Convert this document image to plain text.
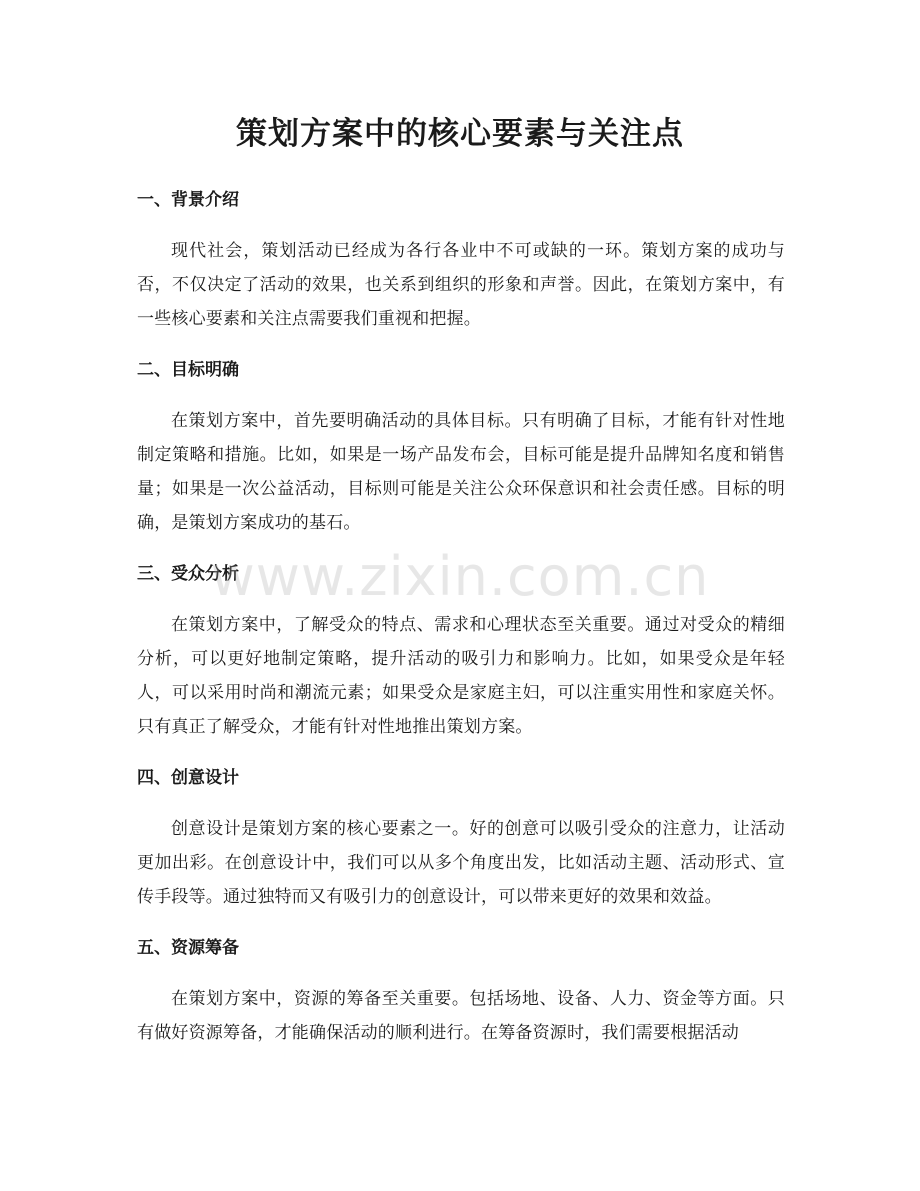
策划方案中的核心要素与关注点
一、背景介绍

现代社会，策划活动已经成为各行各业中不可或缺的一环。策划方案的成功与否，不仅决定了活动的效果，也关系到组织的形象和声誉。因此，在策划方案中，有一些核心要素和关注点需要我们重视和把握。

二、目标明确

在策划方案中，首先要明确活动的具体目标。只有明确了目标，才能有针对性地制定策略和措施。比如，如果是一场产品发布会，目标可能是提升品牌知名度和销售量；如果是一次公益活动，目标则可能是关注公众环保意识和社会责任感。目标的明确，是策划方案成功的基石。

三、受众分析

在策划方案中，了解受众的特点、需求和心理状态至关重要。通过对受众的精细分析，可以更好地制定策略，提升活动的吸引力和影响力。比如，如果受众是年轻人，可以采用时尚和潮流元素；如果受众是家庭主妇，可以注重实用性和家庭关怀。只有真正了解受众，才能有针对性地推出策划方案。

四、创意设计

创意设计是策划方案的核心要素之一。好的创意可以吸引受众的注意力，让活动更加出彩。在创意设计中，我们可以从多个角度出发，比如活动主题、活动形式、宣传手段等。通过独特而又有吸引力的创意设计，可以带来更好的效果和效益。

五、资源筹备

在策划方案中，资源的筹备至关重要。包括场地、设备、人力、资金等方面。只有做好资源筹备，才能确保活动的顺利进行。在筹备资源时，我们需要根据活动

www.zixin.com.cn
